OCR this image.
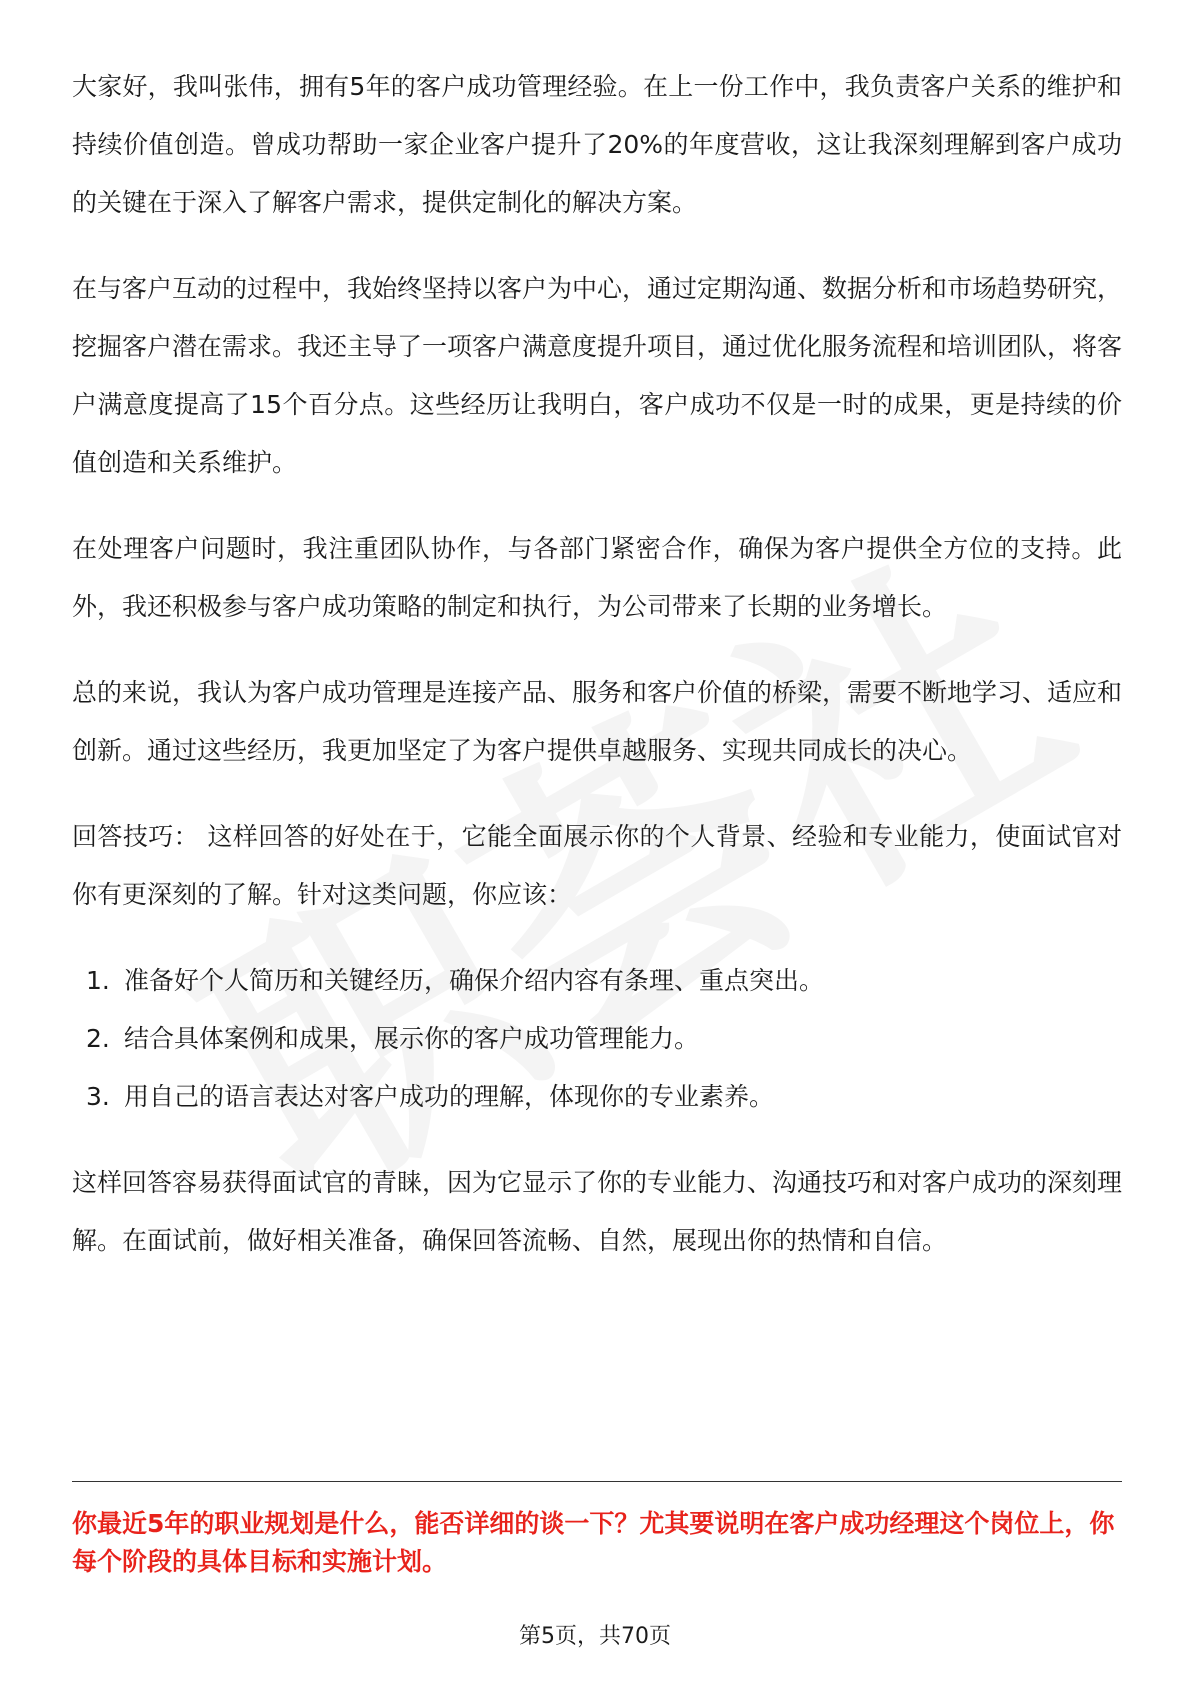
大家好，我叫张伟，拥有5年的客户成功管理经验。在上一份工作中，我负责客户关系的维护和持续价值创造。曾成功帮助一家企业客户提升了20%的年度营收，这让我深刻理解到客户成功的关键在于深入了解客户需求，提供定制化的解决方案。

在与客户互动的过程中，我始终坚持以客户为中心，通过定期沟通、数据分析和市场趋势研究，挖掘客户潜在需求。我还主导了一项客户满意度提升项目，通过优化服务流程和培训团队，将客户满意度提高了15个百分点。这些经历让我明白，客户成功不仅是一时的成果，更是持续的价值创造和关系维护。

在处理客户问题时，我注重团队协作，与各部门紧密合作，确保为客户提供全方位的支持。此外，我还积极参与客户成功策略的制定和执行，为公司带来了长期的业务增长。

总的来说，我认为客户成功管理是连接产品、服务和客户价值的桥梁，需要不断地学习、适应和创新。通过这些经历，我更加坚定了为客户提供卓越服务、实现共同成长的决心。

回答技巧： 这样回答的好处在于，它能全面展示你的个人背景、经验和专业能力，使面试官对你有更深刻的了解。针对这类问题，你应该：

1. 准备好个人简历和关键经历，确保介绍内容有条理、重点突出。
2. 结合具体案例和成果，展示你的客户成功管理能力。
3. 用自己的语言表达对客户成功的理解，体现你的专业素养。

这样回答容易获得面试官的青睐，因为它显示了你的专业能力、沟通技巧和对客户成功的深刻理解。在面试前，做好相关准备，确保回答流畅、自然，展现出你的热情和自信。

你最近5年的职业规划是什么，能否详细的谈一下？尤其要说明在客户成功经理这个岗位上，你每个阶段的具体目标和实施计划。
第5页，共70页
